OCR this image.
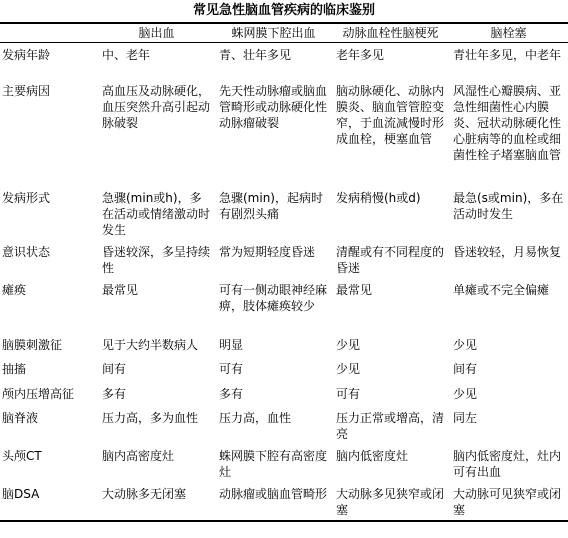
常见急性脑血管疾病的临床鉴别
	脑出血	蛛网膜下腔出血	动脉血栓性脑梗死	脑栓塞
发病年龄	中、老年	青、壮年多见	老年多见	青壮年多见，中老年
主要病因	高血压及动脉硬化，血压突然升高引起动脉破裂	先天性动脉瘤或脑血管畸形或动脉硬化性动脉瘤破裂	脑动脉硬化、动脉内膜炎、脑血管管腔变窄，于血流减慢时形成血栓，梗塞血管	风湿性心瓣膜病、亚急性细菌性心内膜炎、冠状动脉硬化性心脏病等的血栓或细菌性栓子堵塞脑血管
发病形式	急骤(min或h)，多在活动或情绪激动时发生	急骤(min)，起病时有剧烈头痛	发病稍慢(h或d)	最急(s或min)，多在活动时发生
意识状态	昏迷较深，多呈持续性	常为短期轻度昏迷	清醒或有不同程度的昏迷	昏迷较轻，月易恢复
瘫痪	最常见	可有一侧动眼神经麻痹，肢体瘫痪较少	最常见	单瘫或不完全偏瘫
脑膜刺激征	见于大约半数病人	明显	少见	少见
抽搐	间有	可有	少见	间有
颅内压增高征	多有	多有	可有	少见
脑脊液	压力高，多为血性	压力高，血性	压力正常或增高，清亮	同左
头颅CT	脑内高密度灶	蛛网膜下腔有高密度灶	脑内低密度灶	脑内低密度灶，灶内可有出血
脑DSA	大动脉多无闭塞	动脉瘤或脑血管畸形	大动脉多见狭窄或闭塞	大动脉可见狭窄或闭塞
